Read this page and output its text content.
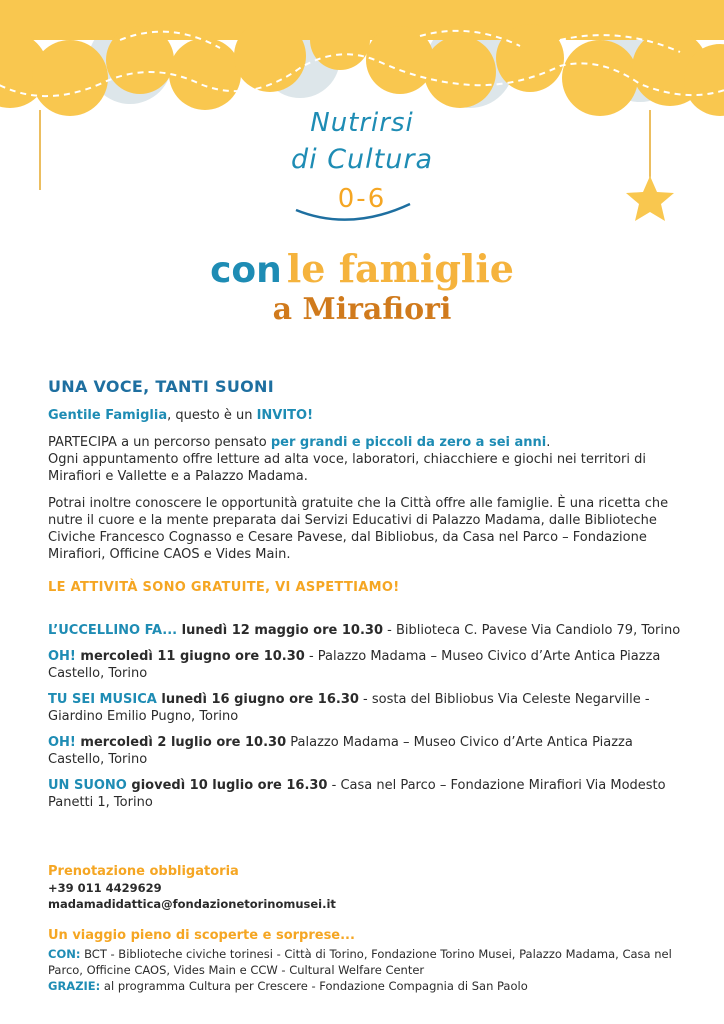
Nutrirsi
di Cultura
0-6
con le famiglie
a Mirafiori
UNA VOCE, TANTI SUONI
Gentile Famiglia, questo è un INVITO!
PARTECIPA a un percorso pensato per grandi e piccoli da zero a sei anni.
Ogni appuntamento offre letture ad alta voce, laboratori, chiacchiere e giochi nei territori di Mirafiori e Vallette e a Palazzo Madama.
Potrai inoltre conoscere le opportunità gratuite che la Città offre alle famiglie. È una ricetta che nutre il cuore e la mente preparata dai Servizi Educativi di Palazzo Madama, dalle Biblioteche Civiche Francesco Cognasso e Cesare Pavese, dal Bibliobus, da Casa nel Parco – Fondazione Mirafiori, Officine CAOS e Vides Main.
LE ATTIVITÀ SONO GRATUITE, VI ASPETTIAMO!
L’UCCELLINO FA... lunedì 12 maggio ore 10.30 - Biblioteca C. Pavese Via Candiolo 79, Torino
OH! mercoledì 11 giugno ore 10.30 - Palazzo Madama – Museo Civico d’Arte Antica Piazza Castello, Torino
TU SEI MUSICA lunedì 16 giugno ore 16.30 - sosta del Bibliobus Via Celeste Negarville - Giardino Emilio Pugno, Torino
OH! mercoledì 2 luglio ore 10.30 Palazzo Madama – Museo Civico d’Arte Antica Piazza Castello, Torino
UN SUONO giovedì 10 luglio ore 16.30 - Casa nel Parco – Fondazione Mirafiori Via Modesto Panetti 1, Torino
Prenotazione obbligatoria
+39 011 4429629
madamadidattica@fondazionetorinomusei.it
Un viaggio pieno di scoperte e sorprese...
CON: BCT - Biblioteche civiche torinesi - Città di Torino, Fondazione Torino Musei, Palazzo Madama, Casa nel Parco, Officine CAOS, Vides Main e CCW - Cultural Welfare Center
GRAZIE: al programma Cultura per Crescere - Fondazione Compagnia di San Paolo
